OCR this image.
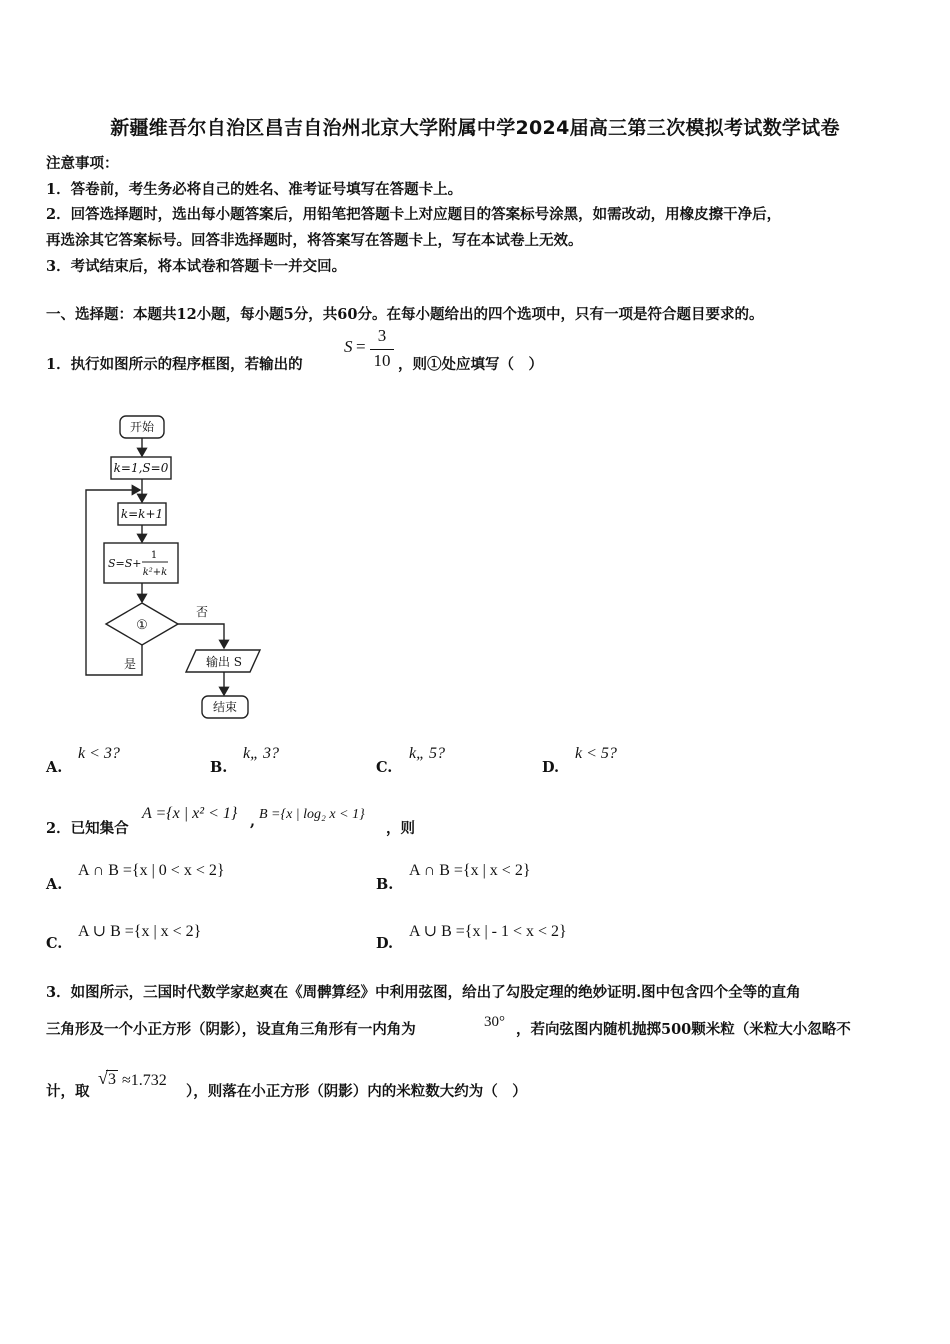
新疆维吾尔自治区昌吉自治州北京大学附属中学2024届高三第三次模拟考试数学试卷
注意事项：
1．答卷前，考生务必将自己的姓名、准考证号填写在答题卡上。
2．回答选择题时，选出每小题答案后，用铅笔把答题卡上对应题目的答案标号涂黑，如需改动，用橡皮擦干净后，
再选涂其它答案标号。回答非选择题时，将答案写在答题卡上，写在本试卷上无效。
3．考试结束后，将本试卷和答题卡一并交回。
一、选择题：本题共12小题，每小题5分，共60分。在每小题给出的四个选项中，只有一项是符合题目要求的。
1．执行如图所示的程序框图，若输出的
S =
3
10 ，则①处应填写（　）
开始
k=1,S=0
k=k+1
S=S+
1
k²+k
①
否
是	输出 S
结束
A.
k < 3?
B.
k„ 3?
C.
k„ 5?
D.
k < 5?
2．已知集合
A ={x | x² < 1} , B ={x | log₂ x < 1}
，则
A.
A ∩ B ={x | 0 < x < 2}
B.
A ∩ B ={x | x < 2}
C.
A ∪ B ={x | x < 2}
D.
A ∪ B ={x | - 1 < x < 2}
3．如图所示，三国时代数学家赵爽在《周髀算经》中利用弦图，给出了勾股定理的绝妙证明.图中包含四个全等的直角
三角形及一个小正方形（阴影），设直角三角形有一内角为	30° ，若向弦图内随机抛掷500颗米粒（米粒大小忽略不
计，取
√ 3 ≈1.732
），则落在小正方形（阴影）内的米粒数大约为（　）
